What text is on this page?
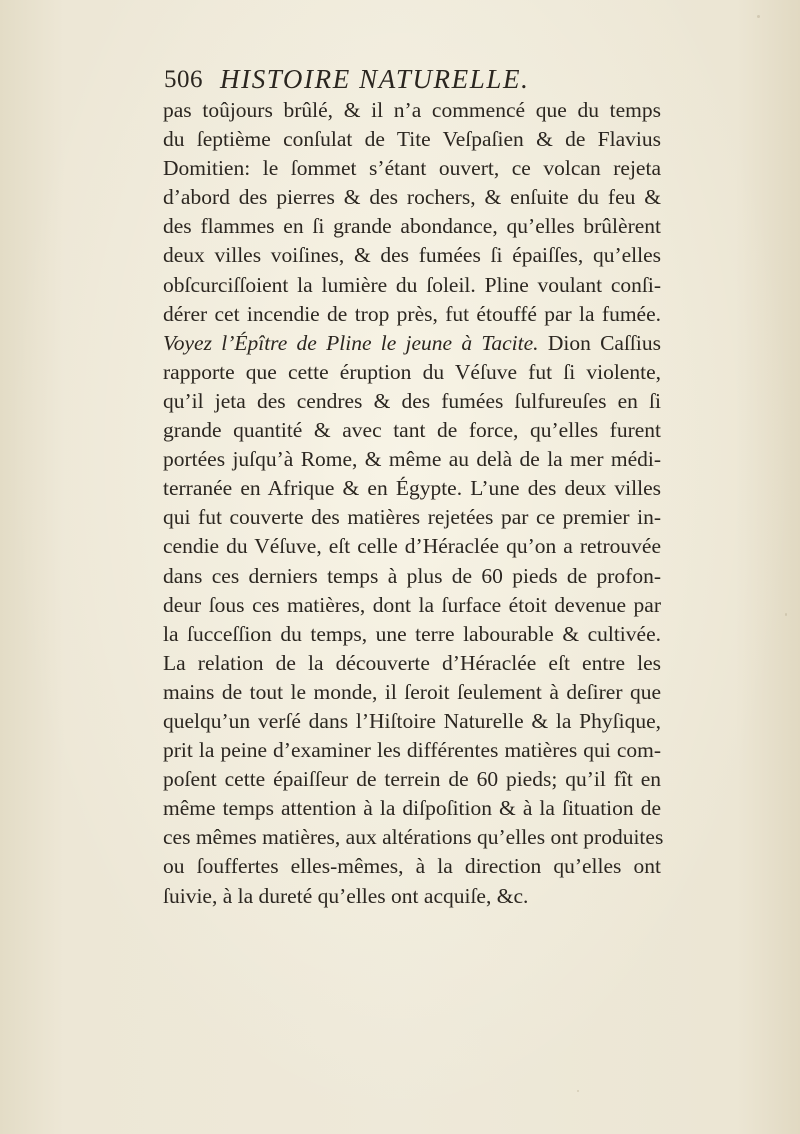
506 HISTOIRE NATURELLE.
pas toûjours brûlé, & il n’a commencé que du temps
du ſeptième conſulat de Tite Veſpaſien & de Flavius
Domitien: le ſommet s’étant ouvert, ce volcan rejeta
d’abord des pierres & des rochers, & enſuite du feu &
des flammes en ſi grande abondance, qu’elles brûlèrent
deux villes voiſines, & des fumées ſi épaiſſes, qu’elles
obſcurciſſoient la lumière du ſoleil. Pline voulant conſi-
dérer cet incendie de trop près, fut étouffé par la fumée.
Voyez l’Épître de Pline le jeune à Tacite. Dion Caſſius
rapporte que cette éruption du Véſuve fut ſi violente,
qu’il jeta des cendres & des fumées ſulfureuſes en ſi
grande quantité & avec tant de force, qu’elles furent
portées juſqu’à Rome, & même au delà de la mer médi-
terranée en Afrique & en Égypte. L’une des deux villes
qui fut couverte des matières rejetées par ce premier in-
cendie du Véſuve, eſt celle d’Héraclée qu’on a retrouvée
dans ces derniers temps à plus de 60 pieds de profon-
deur ſous ces matières, dont la ſurface étoit devenue par
la ſucceſſion du temps, une terre labourable & cultivée.
La relation de la découverte d’Héraclée eſt entre les
mains de tout le monde, il ſeroit ſeulement à deſirer que
quelqu’un verſé dans l’Hiſtoire Naturelle & la Phyſique,
prit la peine d’examiner les différentes matières qui com-
poſent cette épaiſſeur de terrein de 60 pieds; qu’il fît en
même temps attention à la diſpoſition & à la ſituation de
ces mêmes matières, aux altérations qu’elles ont produites
ou ſouffertes elles-mêmes, à la direction qu’elles ont
ſuivie, à la dureté qu’elles ont acquiſe, &c.
